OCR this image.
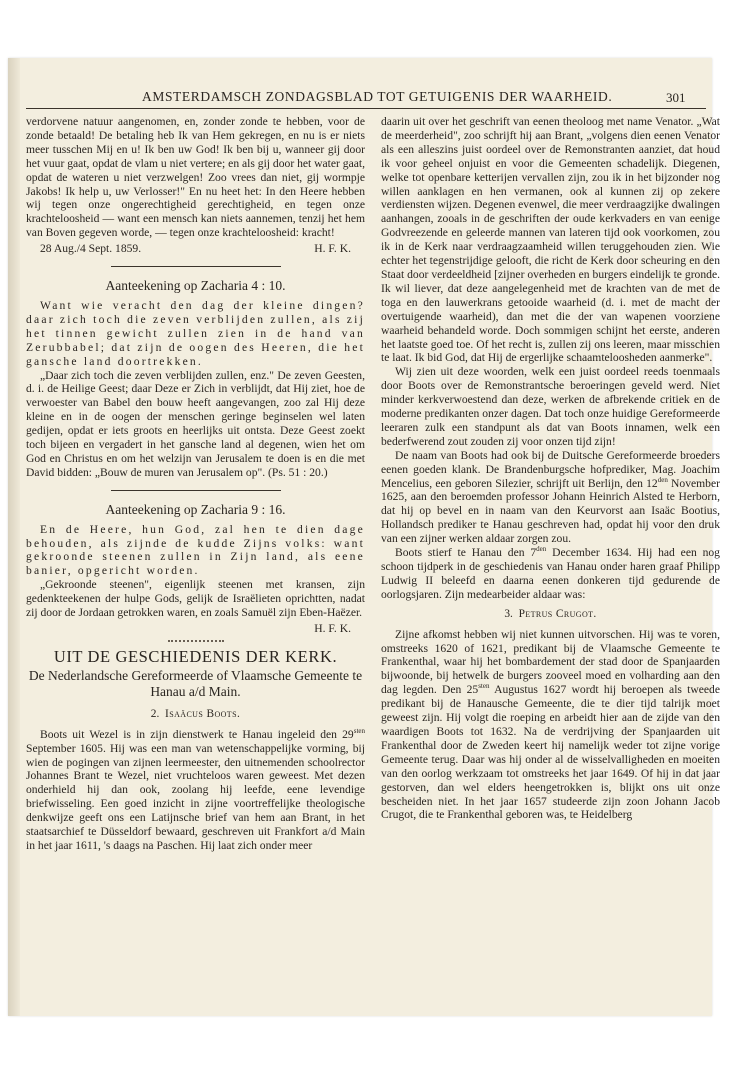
AMSTERDAMSCH ZONDAGSBLAD TOT GETUIGENIS DER WAARHEID.	301

verdorvene natuur aangenomen, en, zonder zonde te hebben, voor de zonde betaald! De betaling heb Ik van Hem gekregen, en nu is er niets meer tusschen Mij en u! Ik ben uw God! Ik ben bij u, wanneer gij door het vuur gaat, opdat de vlam u niet vertere; en als gij door het water gaat, opdat de wateren u niet verzwelgen! Zoo vrees dan niet, gij wormpje Jakobs! Ik help u, uw Verlosser!" En nu heet het: In den Heere hebben wij tegen onze ongerechtigheid gerechtigheid, en tegen onze krachteloosheid — want een mensch kan niets aannemen, tenzij het hem van Boven gegeven worde, — tegen onze krachteloosheid: kracht!

28 Aug./4 Sept. 1859.	H. F. K.
Aanteekening op Zacharia 4 : 10.

Want wie veracht den dag der kleine dingen? daar zich toch die zeven verblijden zullen, als zij het tinnen gewicht zullen zien in de hand van Zerubbabel; dat zijn de oogen des Heeren, die het gansche land doortrekken.

„Daar zich toch die zeven verblijden zullen, enz." De zeven Geesten, d. i. de Heilige Geest; daar Deze er Zich in verblijdt, dat Hij ziet, hoe de verwoester van Babel den bouw heeft aangevangen, zoo zal Hij deze kleine en in de oogen der menschen geringe beginselen wel laten gedijen, opdat er iets groots en heerlijks uit ontsta. Deze Geest zoekt toch bijeen en vergadert in het gansche land al degenen, wien het om God en Christus en om het welzijn van Jerusalem te doen is en die met David bidden: „Bouw de muren van Jerusalem op". (Ps. 51 : 20.)

Aanteekening op Zacharia 9 : 16.

En de Heere, hun God, zal hen te dien dage behouden, als zijnde de kudde Zijns volks: want gekroonde steenen zullen in Zijn land, als eene banier, opgericht worden.

„Gekroonde steenen", eigenlijk steenen met kransen, zijn gedenkteekenen der hulpe Gods, gelijk de Israëlieten oprichtten, nadat zij door de Jordaan getrokken waren, en zoals Samuël zijn Eben-Haëzer.

H. F. K.
UIT DE GESCHIEDENIS DER KERK.
De Nederlandsche Gereformeerde of Vlaamsche Gemeente te Hanau a/d Main.
2. Isaäcus Boots.

Boots uit Wezel is in zijn dienstwerk te Hanau ingeleid den $29^{sten}$ September 1605. Hij was een man van wetenschappelijke vorming, bij wien de pogingen van zijnen leermeester, den uitnemenden schoolrector Johannes Brant te Wezel, niet vruchteloos waren geweest. Met dezen onderhield hij dan ook, zoolang hij leefde, eene levendige briefwisseling. Een goed inzicht in zijne voortreffelijke theologische denkwijze geeft ons een Latijnsche brief van hem aan Brant, in het staatsarchief te Düsseldorf bewaard, geschreven uit Frankfort a/d Main in het jaar 1611, 's daags na Paschen. Hij laat zich onder meer

daarin uit over het geschrift van eenen theoloog met name Venator. „Wat de meerderheid", zoo schrijft hij aan Brant, „volgens dien eenen Venator als een alleszins juist oordeel over de Remonstranten aanziet, dat houd ik voor geheel onjuist en voor die Gemeenten schadelijk. Diegenen, welke tot openbare ketterijen vervallen zijn, zou ik in het bijzonder nog willen aanklagen en hen vermanen, ook al kunnen zij op zekere verdiensten wijzen. Degenen evenwel, die meer verdraagzijke dwalingen aanhangen, zooals in de geschriften der oude kerkvaders en van eenige Godvreezende en geleerde mannen van lateren tijd ook voorkomen, zou ik in de Kerk naar verdraagzaamheid willen teruggehouden zien. Wie echter het tegenstrijdige gelooft, die richt de Kerk door scheuring en den Staat door verdeeldheid [zijner overheden en burgers eindelijk te gronde. Ik wil liever, dat deze aangelegenheid met de krachten van de met de toga en den lauwerkrans getooide waarheid (d. i. met de macht der overtuigende waarheid), dan met die der van wapenen voorziene waarheid behandeld worde. Doch sommigen schijnt het eerste, anderen het laatste goed toe. Of het recht is, zullen zij ons leeren, maar misschien te laat. Ik bid God, dat Hij de ergerlijke schaamteloosheden aanmerke".

Wij zien uit deze woorden, welk een juist oordeel reeds toenmaals door Boots over de Remonstrantsche beroeringen geveld werd. Niet minder kerkverwoestend dan deze, werken de afbrekende critiek en de moderne predikanten onzer dagen. Dat toch onze huidige Gereformeerde leeraren zulk een standpunt als dat van Boots innamen, welk een bederfwerend zout zouden zij voor onzen tijd zijn!

De naam van Boots had ook bij de Duitsche Gereformeerde broeders eenen goeden klank. De Brandenburgsche hofprediker, Mag. Joachim Mencelius, een geboren Silezier, schrijft uit Berlijn, den $12^{den}$ November 1625, aan den beroemden professor Johann Heinrich Alsted te Herborn, dat hij op bevel en in naam van den Keurvorst aan Isaäc Bootius, Hollandsch prediker te Hanau geschreven had, opdat hij voor den druk van een zijner werken aldaar zorgen zou.

Boots stierf te Hanau den $7^{den}$ December 1634. Hij had een nog schoon tijdperk in de geschiedenis van Hanau onder haren graaf Philipp Ludwig II beleefd en daarna eenen donkeren tijd gedurende de oorlogsjaren. Zijn medearbeider aldaar was:

3. Petrus Crugot.

Zijne afkomst hebben wij niet kunnen uitvorschen. Hij was te voren, omstreeks 1620 of 1621, predikant bij de Vlaamsche Gemeente te Frankenthal, waar hij het bombardement der stad door de Spanjaarden bijwoonde, bij hetwelk de burgers zooveel moed en volharding aan den dag legden. Den $25^{sten}$ Augustus 1627 wordt hij beroepen als tweede predikant bij de Hanausche Gemeente, die te dier tijd talrijk moet geweest zijn. Hij volgt die roeping en arbeidt hier aan de zijde van den waardigen Boots tot 1632. Na de verdrijving der Spanjaarden uit Frankenthal door de Zweden keert hij namelijk weder tot zijne vorige Gemeente terug. Daar was hij onder al de wisselvalligheden en moeiten van den oorlog werkzaam tot omstreeks het jaar 1649. Of hij in dat jaar gestorven, dan wel elders heengetrokken is, blijkt ons uit onze bescheiden niet. In het jaar 1657 studeerde zijn zoon Johann Jacob Crugot, die te Frankenthal geboren was, te Heidelberg
